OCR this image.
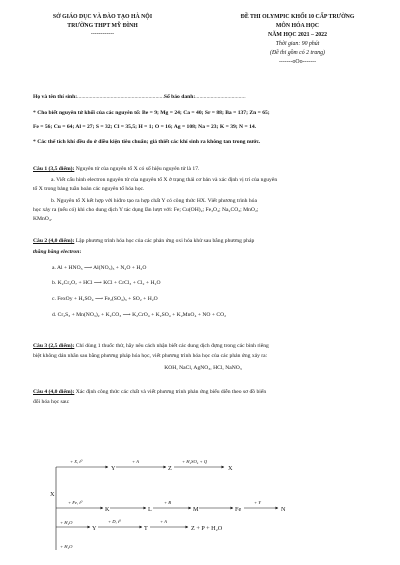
SỞ GIÁO DỤC VÀ ĐÀO TẠO HÀ NỘI
TRƯỜNG THPT MỸ ĐÌNH
------------
ĐỀ THI OLYMPIC KHỐI 10 CẤP TRƯỜNG
MÔN HÓA HỌC
NĂM HỌC 2021 – 2022
Thời gian: 90 phút
(Đề thi gồm có 2 trang)
-------oOo-------
Họ và tên thí sinh:..............................................................Số báo danh:....................................
* Cho biết nguyên tử khối của các nguyên tố: Be = 9; Mg = 24; Ca = 40; Sr = 88; Ba = 137; Zn = 65;
Fe = 56; Cu = 64; Al = 27; S = 32; Cl = 35,5; H = 1; O = 16; Ag = 108; Na = 23; K = 39; N = 14.
* Các thể tích khí đều đo ở điều kiện tiêu chuẩn; giả thiết các khí sinh ra không tan trong nước.
Câu 1 (3,5 điểm): Nguyên tử của nguyên tố X có số hiệu nguyên tử là 17.
a. Viết cấu hình electron nguyên tử của nguyên tố X ở trạng thái cơ bản và xác định vị trí của nguyên
tố X trong bảng tuần hoàn các nguyên tố hóa học.
b. Nguyên tố X kết hợp với hiđro tạo ra hợp chất Y có công thức HX. Viết phương trình hóa
học xảy ra (nếu có) khi cho dung dịch Y tác dụng lần lượt với: Fe; Cu(OH)₂; Fe₃O₄; Na₂CO₃; MnO₂;
KMnO₄.
Câu 2 (4,0 điểm): Lập phương trình hóa học của các phản ứng oxi hóa khử sau bằng phương pháp
thăng bằng electron:
a. Al + HNO₃ ⟶ Al(NO₃)₃ + N₂O + H₂O
b. K₂Cr₂O₇ + HCl ⟶ KCl + CrCl₃ + Cl₂ + H₂O
c. FexOy + H₂SO₄ ⟶ Fe₂(SO₄)₃ + SO₂ + H₂O
d. Cr₂S₃ + Mn(NO₃)₂ + K₂CO₃ ⟶ K₂CrO₄ + K₂SO₄ + K₂MnO₄ + NO + CO₂
Câu 3 (2,5 điểm): Chỉ dùng 1 thuốc thử, hãy nêu cách nhận biết các dung dịch đựng trong các bình riêng
biệt không dán nhãn sau bằng phương pháp hóa học, viết phương trình hóa học của các phản ứng xảy ra:
KOH, NaCl, AgNO₃, HCl, NaNO₃
Câu 4 (4,0 điểm): Xác định công thức các chất và viết phương trình phản ứng biểu diễn theo sơ đồ biến
đổi hóa học sau:
Y	Z	X
X
K	L	M	Fe	N
Y	T	Z + P + H₂O
+ X, t⁰	+ A	+ H₂SO₄ + Q
+ Fe, t⁰	+ B	+ Y
+ D, t⁰	+ A
+ H₂O
+ H₂O
